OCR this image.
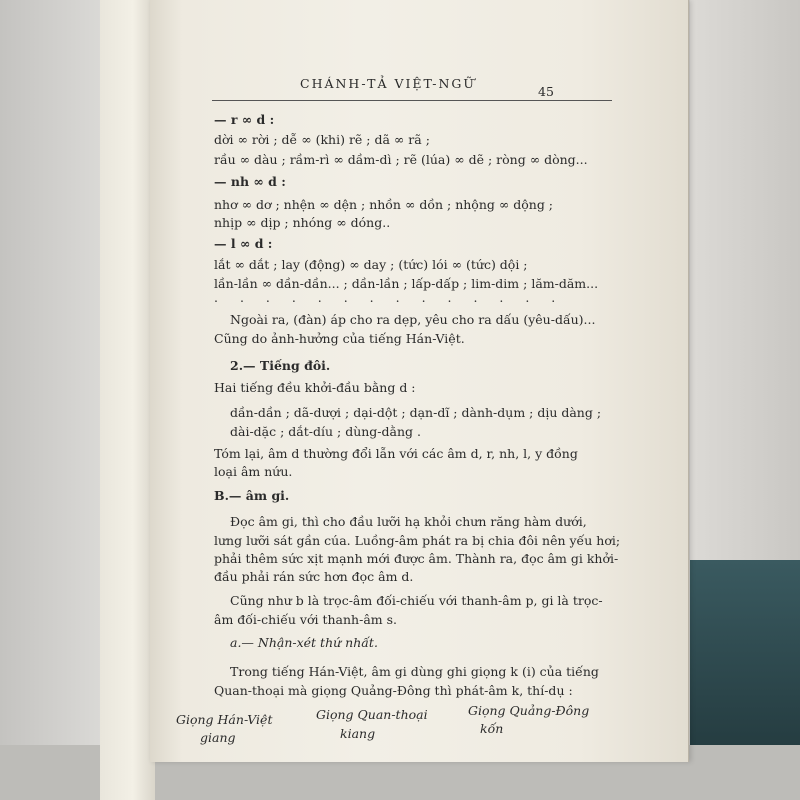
CHÁNH-TẢ VIỆT-NGỮ
45
— r ∞ d :
dời ∞ rời ; dễ ∞ (khi) rẽ ; dã ∞ rã ;
rầu ∞ dàu ; rầm-rì ∞ dầm-dì ; rẽ (lúa) ∞ dẽ ; ròng ∞ dòng...
— nh ∞ d :
nhơ ∞ dơ ; nhện ∞ dện ; nhồn ∞ dồn ; nhộng ∞ dộng ;
nhịp ∞ dịp ; nhóng ∞ dóng..
— l ∞ d :
lắt ∞ dắt ; lay (động) ∞ day ; (tức) lói ∞ (tức) dội ;
lần-lần ∞ dần-dần... ; dần-lần ; lấp-dấp ; lim-dim ; lăm-dăm...
. . . . . . . . . . . . . .
Ngoài ra, (đàn) áp cho ra dẹp, yêu cho ra dấu (yêu-dấu)...
Cũng do ảnh-hưởng của tiếng Hán-Việt.
2.— Tiếng đôi.
Hai tiếng đều khởi-đầu bằng d :
dần-dần ; dã-dượi ; dại-dột ; dạn-dĩ ; dành-dụm ; dịu dàng ;
dài-dặc ; dắt-díu ; dùng-dằng .
Tóm lại, âm d thường đổi lẫn với các âm d, r, nh, l, y đồng
loại âm nứu.
B.— âm gi.
Đọc âm gi, thì cho đầu lưỡi hạ khỏi chưn răng hàm dưới,
lưng lưỡi sát gần cúa. Luồng-âm phát ra bị chia đôi nên yếu hơi;
phải thêm sức xịt mạnh mới được âm. Thành ra, đọc âm gi khởi-
đầu phải rán sức hơn đọc âm d.
Cũng như b là trọc-âm đối-chiếu với thanh-âm p, gi là trọc-
âm đối-chiếu với thanh-âm s.
a.— Nhận-xét thứ nhất.
Trong tiếng Hán-Việt, âm gi dùng ghi giọng k (i) của tiếng
Quan-thoại mà giọng Quảng-Đông thì phát-âm k, thí-dụ :
Giọng Hán-Việt
giang
Giọng Quan-thoại
kiang
Giọng Quảng-Đông
kốn
